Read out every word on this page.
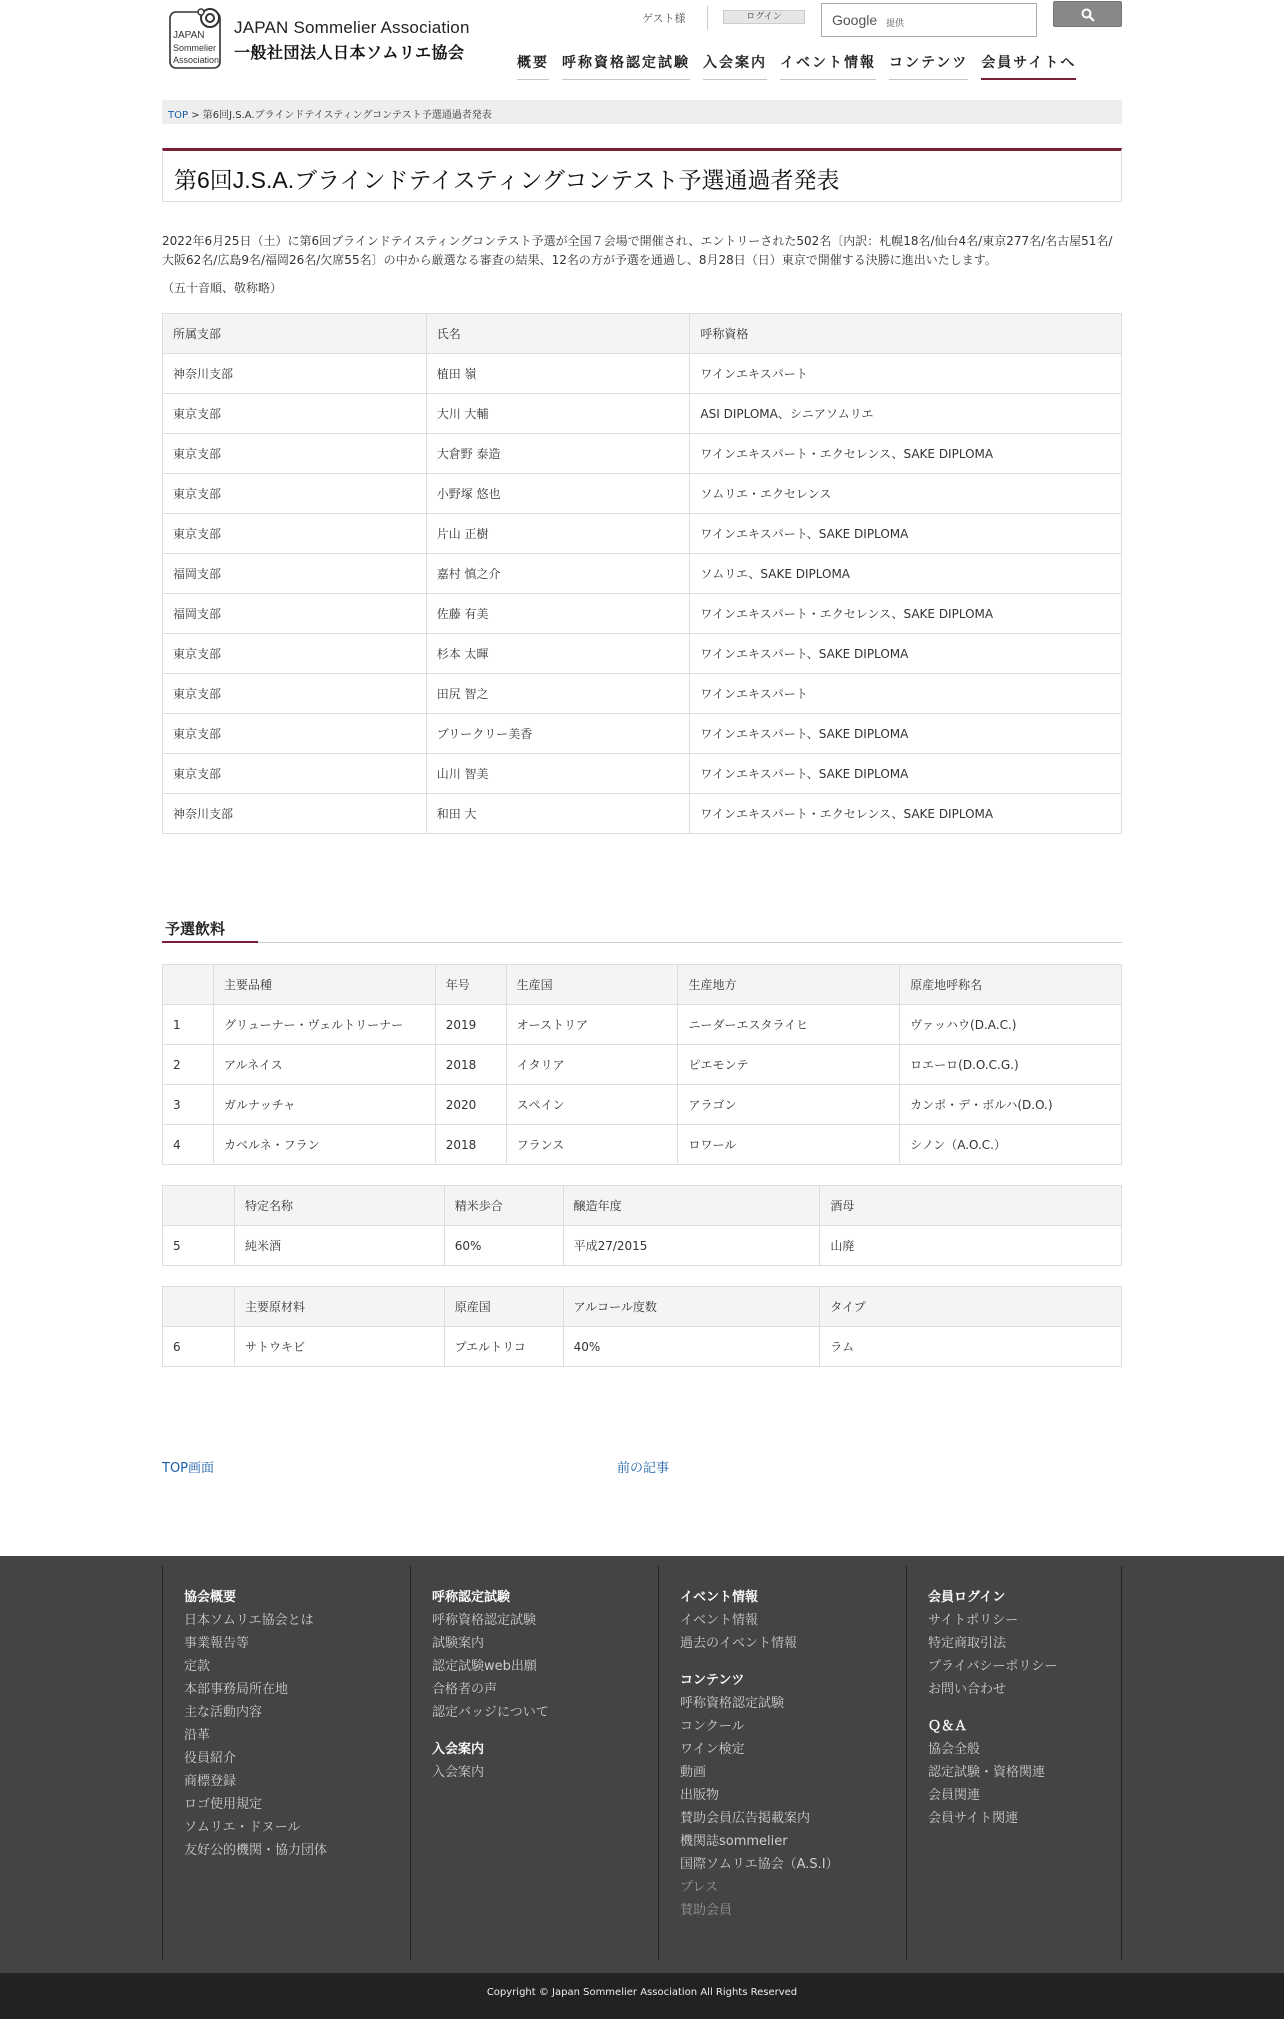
JAPAN
Sommelier
Association
JAPAN Sommelier Association
一般社団法人日本ソムリエ協会
ゲスト様	ログイン	Google 提供
概要 呼称資格認定試験 入会案内 イベント情報 コンテンツ 会員サイトへ
TOP > 第6回J.S.A.ブラインドテイスティングコンテスト予選通過者発表
第6回J.S.A.ブラインドテイスティングコンテスト予選通過者発表

2022年6月25日（土）に第6回ブラインドテイスティングコンテスト予選が全国７会場で開催され、エントリーされた502名〔内訳：札幌18名/仙台4名/東京277名/名古屋51名/大阪62名/広島9名/福岡26名/欠席55名〕の中から厳選なる審査の結果、12名の方が予選を通過し、8月28日（日）東京で開催する決勝に進出いたします。

（五十音順、敬称略）

所属支部	氏名	呼称資格
神奈川支部	植田 嶺	ワインエキスパート
東京支部	大川 大輔	ASI DIPLOMA、シニアソムリエ
東京支部	大倉野 泰造	ワインエキスパート・エクセレンス、SAKE DIPLOMA
東京支部	小野塚 悠也	ソムリエ・エクセレンス
東京支部	片山 正樹	ワインエキスパート、SAKE DIPLOMA
福岡支部	嘉村 慎之介	ソムリエ、SAKE DIPLOMA
福岡支部	佐藤 有美	ワインエキスパート・エクセレンス、SAKE DIPLOMA
東京支部	杉本 太暉	ワインエキスパート、SAKE DIPLOMA
東京支部	田尻 智之	ワインエキスパート
東京支部	ブリークリー美香	ワインエキスパート、SAKE DIPLOMA
東京支部	山川 智美	ワインエキスパート、SAKE DIPLOMA
神奈川支部	和田 大	ワインエキスパート・エクセレンス、SAKE DIPLOMA
予選飲料
	主要品種	年号	生産国	生産地方	原産地呼称名
1	グリューナー・ヴェルトリーナー	2019	オーストリア	ニーダーエスタライヒ	ヴァッハウ(D.A.C.)
2	アルネイス	2018	イタリア	ピエモンテ	ロエーロ(D.O.C.G.)
3	ガルナッチャ	2020	スペイン	アラゴン	カンポ・デ・ボルハ(D.O.)
4	カベルネ・フラン	2018	フランス	ロワール	シノン（A.O.C.）
	特定名称	精米歩合	醸造年度	酒母
5	純米酒	60%	平成27/2015	山廃
	主要原材料	原産国	アルコール度数	タイプ
6	サトウキビ	プエルトリコ	40%	ラム
TOP画面	前の記事
協会概要
日本ソムリエ協会とは
事業報告等
定款
本部事務局所在地
主な活動内容
沿革
役員紹介
商標登録
ロゴ使用規定
ソムリエ・ドヌール
友好公的機関・協力団体
呼称認定試験
呼称資格認定試験
試験案内
認定試験web出願
合格者の声
認定バッジについて
入会案内
入会案内
イベント情報
イベント情報
過去のイベント情報
コンテンツ
呼称資格認定試験
コンクール
ワイン検定
動画
出版物
賛助会員広告掲載案内
機関誌sommelier
国際ソムリエ協会（A.S.I）
プレス
賛助会員
会員ログイン
サイトポリシー
特定商取引法
プライバシーポリシー
お問い合わせ
Ｑ＆Ａ
協会全般
認定試験・資格関連
会員関連
会員サイト関連
Copyright © Japan Sommelier Association All Rights Reserved
